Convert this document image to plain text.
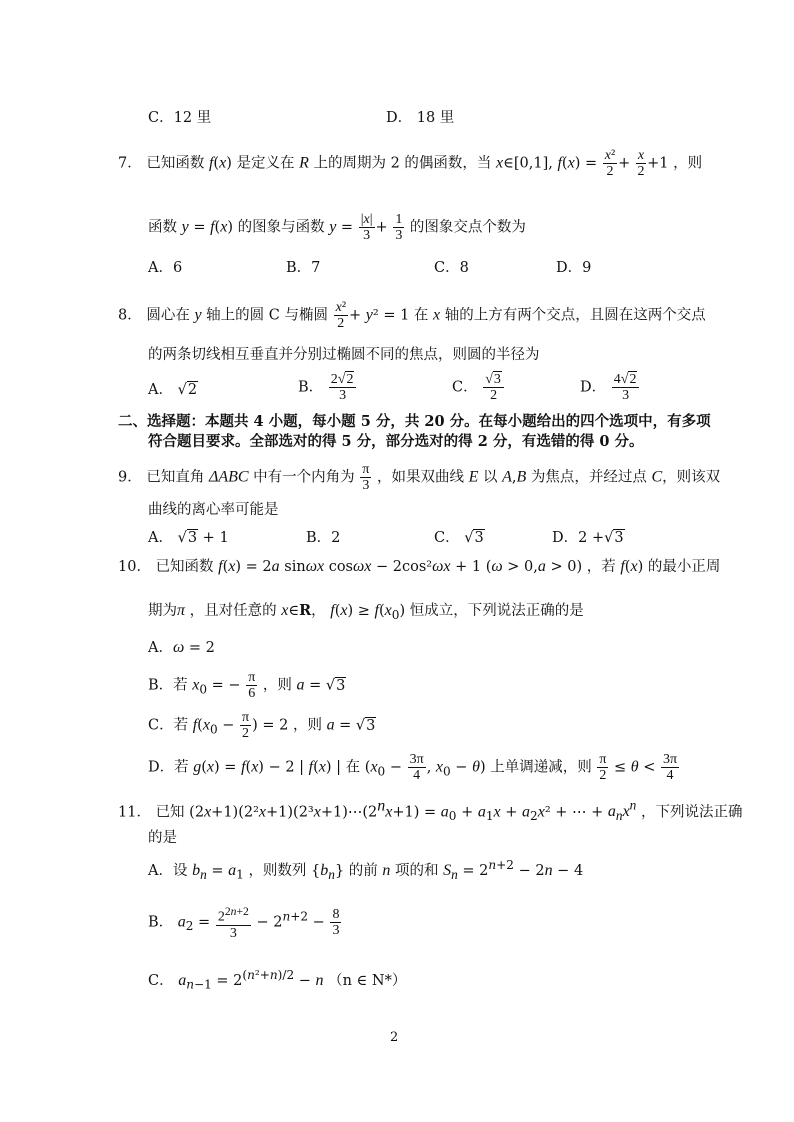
C．12 里	D． 18 里
7． 已知函数 f(x) 是定义在 R 上的周期为 2 的偶函数，当 x∈[0,1], $f(x) = \frac{\text{x²}}{2} + \frac{x}{2} +1$ ，则
函数 y = f(x) 的图象与函数 $y = \frac{|x|}{3} + \frac{1}{3}$ 的图象交点个数为
A．6	B．7	C．8	D．9
8． 圆心在 y 轴上的圆 C 与椭圆 $\frac{\text{x²}}{2} + y^2 = 1$ 在 x 轴的上方有两个交点，且圆在这两个交点
的两条切线相互垂直并分别过椭圆不同的焦点，则圆的半径为
A． √2	B． $\frac{2√2}{3}$	C． $\frac{√3}{2}$	D． $\frac{4√2}{3}$
二、选择题：本题共 4 小题，每小题 5 分，共 20 分。在每小题给出的四个选项中，有多项
符合题目要求。全部选对的得 5 分，部分选对的得 2 分，有选错的得 0 分。
9． 已知直角 ΔABC 中有一个内角为 $\frac{\pi}{3}$ ，如果双曲线 E 以 A,B 为焦点，并经过点 C，则该双
曲线的离心率可能是
A． √3 + 1	B．2	C． √3	D．2 +√3
10． 已知函数 f(x) = 2a sinωx cosωx − 2cos²ωx + 1 (ω > 0,a > 0) ，若 f(x) 的最小正周
期为π ，且对任意的 x∈R， $f(x) \ge f(x_0)$ 恒成立，下列说法正确的是
A．ω = 2
B．若 $x_0$ = − $\frac{\pi}{6}$ ，则 a = √3
C．若 $f(x_0 - \frac{\pi}{2}$ ) = 2 ，则 a = √3
D．若 g(x) = f(x) − 2 | f(x) | 在 ($x_0 - \frac{3\pi}{4}$ , $x_0 - \theta$) 上单调递减，则 $\frac{\pi}{2} \le \theta < \frac{3\pi}{4}$
11． 已知 $(2x+1)(2^2x+1)(2^3x+1)\cdots(2^nx+1) = a_0 + a_1x + a_2x^2$ + ⋯ + $a_nx^n$ ，下列说法正确
的是
A．设 $b_n = a_1$ ，则数列 $\{b_n\}$ 的前 n 项的和 $S_n = 2^{n+2} - 2n - 4$
B． $a_2 = \frac{2^{2n+2}}{3} - 2^{n+2} - \frac{8}{3}$
C． $a_{n-1} = 2^{(n^2+n)/2} - n$ （n ∈ N*）
2
